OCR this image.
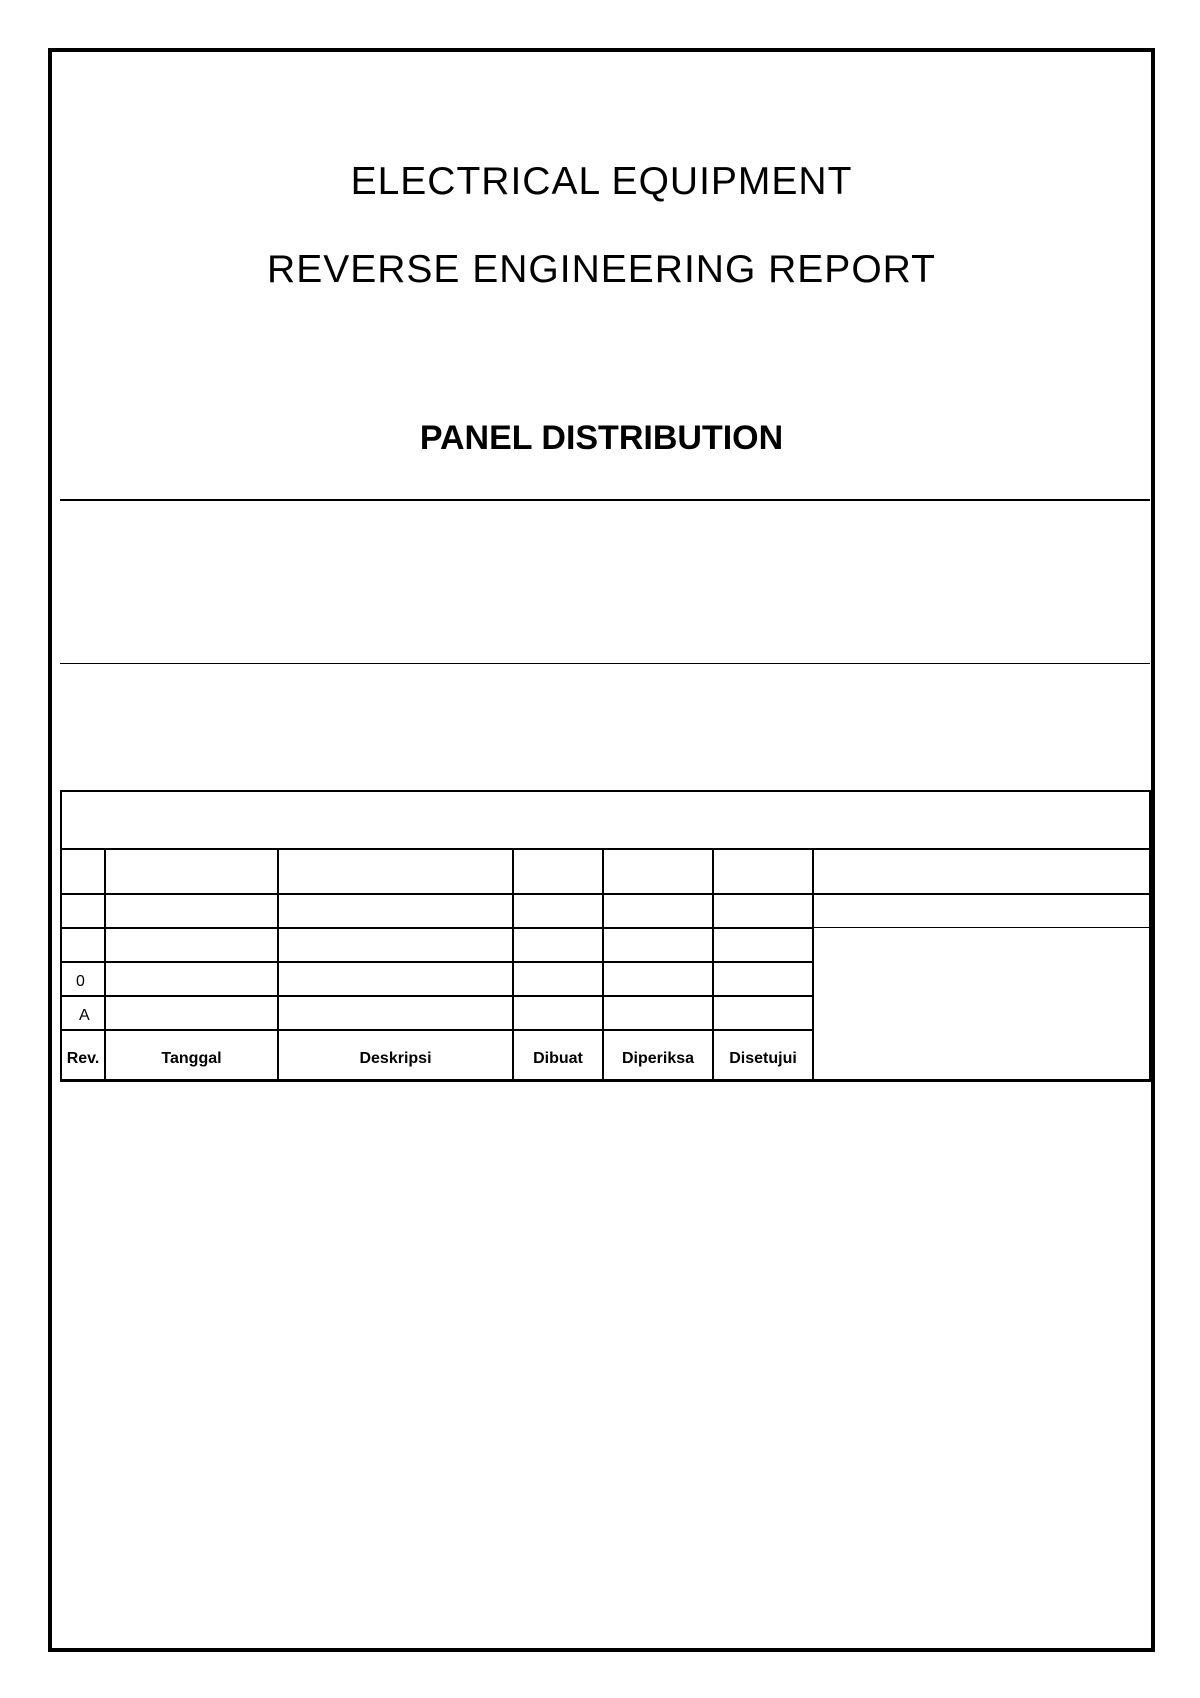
ELECTRICAL EQUIPMENT
REVERSE ENGINEERING REPORT
PANEL DISTRIBUTION
0
A
Rev.	Tanggal	Deskripsi	Dibuat	Diperiksa	Disetujui
